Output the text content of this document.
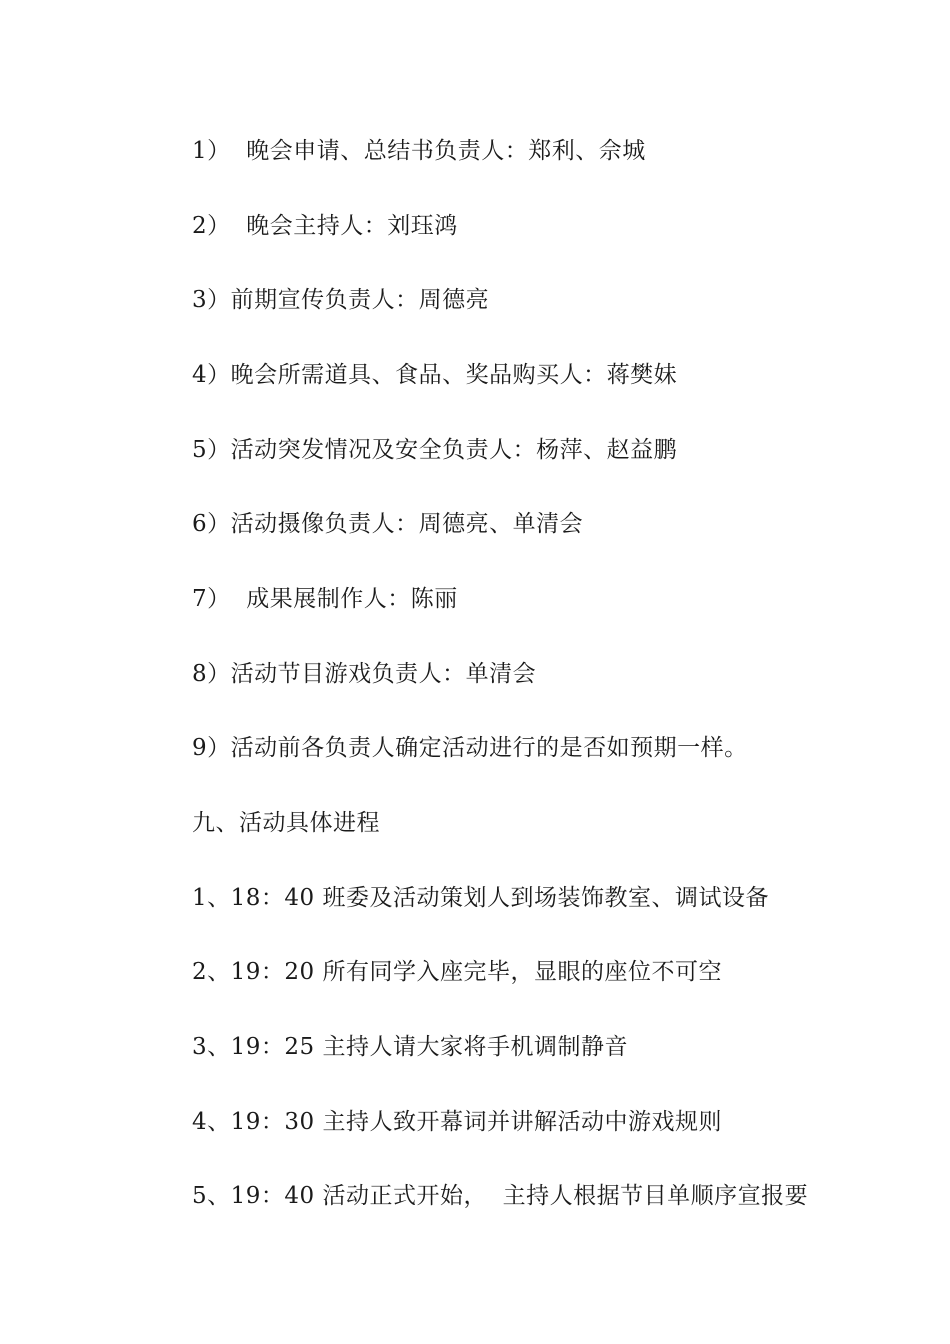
1）  晚会申请、总结书负责人：郑利、佘城
2）  晚会主持人：刘珏鸿
3）前期宣传负责人：周德亮
4）晚会所需道具、食品、奖品购买人：蒋樊妹
5）活动突发情况及安全负责人：杨萍、赵益鹏
6）活动摄像负责人：周德亮、单清会
7）  成果展制作人：陈丽
8）活动节目游戏负责人：单清会
9）活动前各负责人确定活动进行的是否如预期一样。
九、活动具体进程
1、18：40 班委及活动策划人到场装饰教室、调试设备
2、19：20 所有同学入座完毕，显眼的座位不可空
3、19：25 主持人请大家将手机调制静音
4、19：30 主持人致开幕词并讲解活动中游戏规则
5、19：40 活动正式开始，  主持人根据节目单顺序宣报要
